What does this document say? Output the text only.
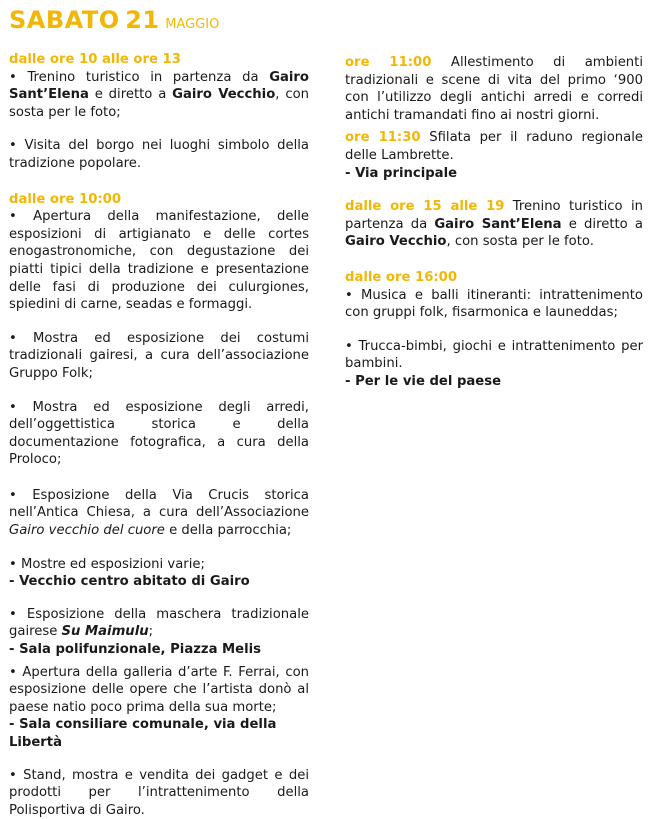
SABATO 21 MAGGIO
dalle ore 10 alle ore 13

• Trenino turistico in partenza da Gairo Sant’Elena e diretto a Gairo Vecchio, con sosta per le foto;

• Visita del borgo nei luoghi simbolo della tradizione popolare.

dalle ore 10:00

• Apertura della manifestazione, delle esposizioni di artigianato e delle cortes enogastronomiche, con degustazione dei piatti tipici della tradizione e presentazione delle fasi di produzione dei culurgiones, spiedini di carne, seadas e formaggi.

• Mostra ed esposizione dei costumi tradizionali gairesi, a cura dell’associazione Gruppo Folk;

• Mostra ed esposizione degli arredi, dell’oggettistica storica e della documentazione fotografica, a cura della Proloco;

• Esposizione della Via Crucis storica nell’Antica Chiesa, a cura dell’Associazione Gairo vecchio del cuore e della parrocchia;

• Mostre ed esposizioni varie;

- Vecchio centro abitato di Gairo

• Esposizione della maschera tradizionale gairese Su Maimulu;

- Sala polifunzionale, Piazza Melis

• Apertura della galleria d’arte F. Ferrai, con esposizione delle opere che l’artista donò al paese natio poco prima della sua morte;

- Sala consiliare comunale, via della Libertà

• Stand, mostra e vendita dei gadget e dei prodotti per l’intrattenimento della Polisportiva di Gairo.

ore 11:00 Allestimento di ambienti tradizionali e scene di vita del primo ‘900 con l’utilizzo degli antichi arredi e corredi antichi tramandati fino ai nostri giorni.

ore 11:30 Sfilata per il raduno regionale delle Lambrette.

- Via principale

dalle ore 15 alle 19 Trenino turistico in partenza da Gairo Sant’Elena e diretto a Gairo Vecchio, con sosta per le foto.

dalle ore 16:00

• Musica e balli itineranti: intrattenimento con gruppi folk, fisarmonica e launeddas;

• Trucca-bimbi, giochi e intrattenimento per bambini.

- Per le vie del paese
